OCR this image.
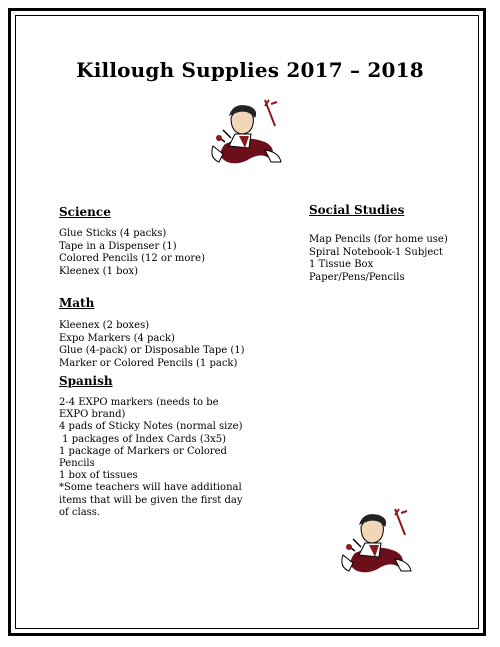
Killough Supplies 2017 – 2018
Science
Glue Sticks (4 packs)
Tape in a Dispenser (1)
Colored Pencils (12 or more)
Kleenex (1 box)
Social Studies
Map Pencils (for home use)
Spiral Notebook-1 Subject
1 Tissue Box
Paper/Pens/Pencils
Math
Kleenex (2 boxes)
Expo Markers (4 pack)
Glue (4-pack) or Disposable Tape (1)
Marker or Colored Pencils (1 pack)
Spanish
2-4 EXPO markers (needs to be
EXPO brand)
4 pads of Sticky Notes (normal size)
1 packages of Index Cards (3x5)
1 package of Markers or Colored
Pencils
1 box of tissues
*Some teachers will have additional
items that will be given the first day
of class.
